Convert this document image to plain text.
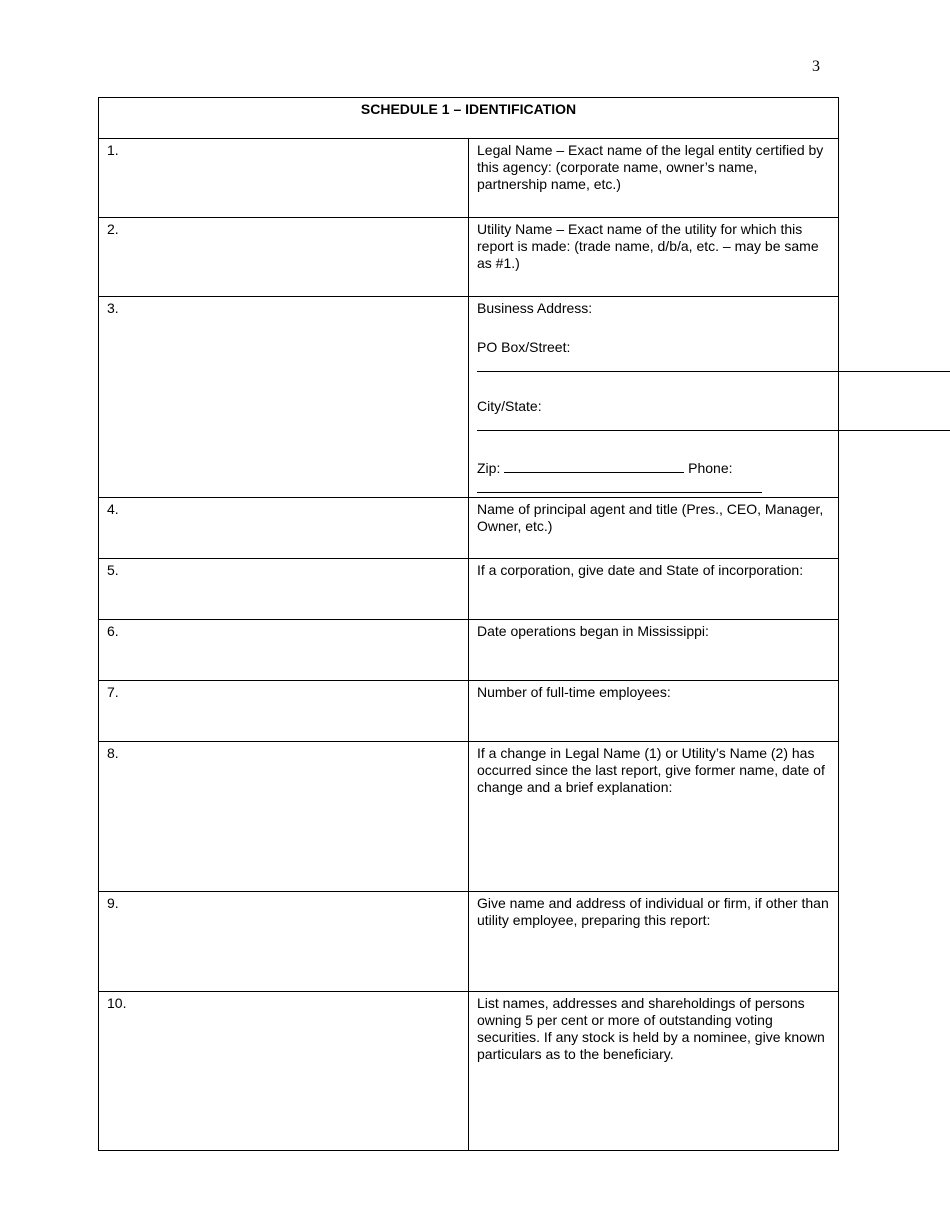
3
SCHEDULE 1 – IDENTIFICATION	

1.	Legal Name – Exact name of the legal entity certified by this agency: (corporate name, owner’s name, partnership name, etc.)
2.	Utility Name – Exact name of the utility for which this report is made: (trade name, d/b/a, etc. – may be same as #1.)
3.	Business Address:
PO Box/Street:
City/State:
Zip: Phone:

4.	Name of principal agent and title (Pres., CEO, Manager, Owner, etc.)
5.	If a corporation, give date and State of incorporation:
6.	Date operations began in Mississippi:
7.	Number of full-time employees:
8.	If a change in Legal Name (1) or Utility’s Name (2) has occurred since the last report, give former name, date of change and a brief explanation:
9.	Give name and address of individual or firm, if other than utility employee, preparing this report:
10.	List names, addresses and shareholdings of persons owning 5 per cent or more of outstanding voting securities. If any stock is held by a nominee, give known particulars as to the beneficiary.
